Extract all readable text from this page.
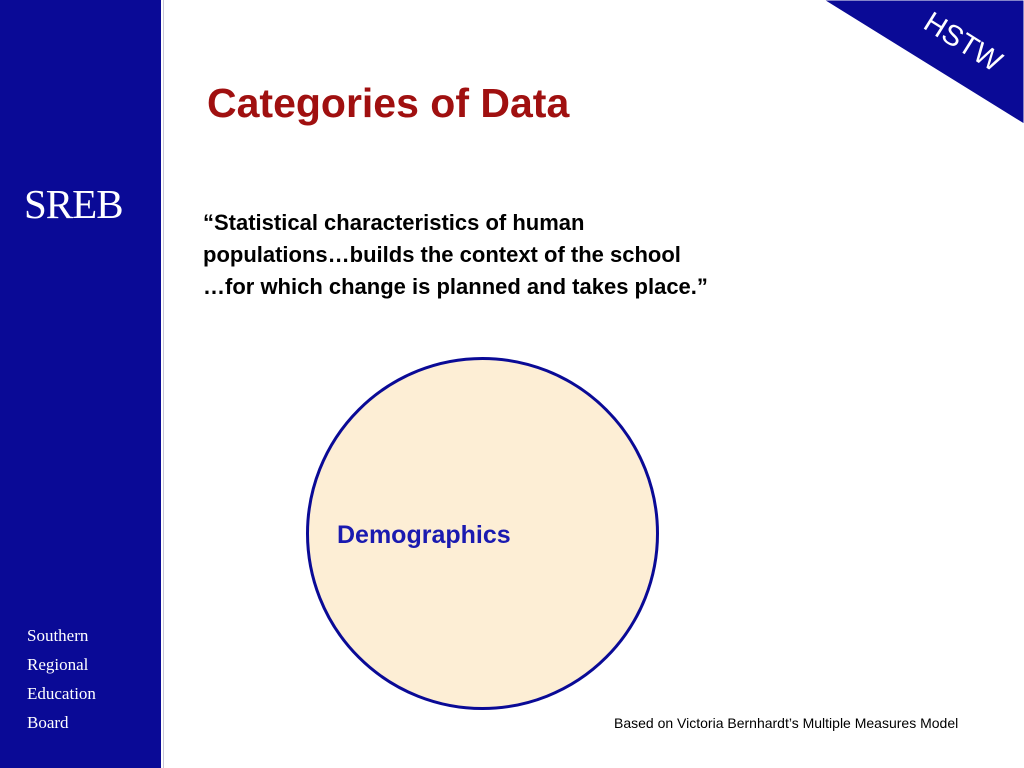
SREB
Southern
Regional
Education
Board
HSTW
Categories of Data
“Statistical characteristics of human
populations…builds the context of the school
…for which change is planned and takes place.”
Demographics
Based on Victoria Bernhardt’s Multiple Measures Model
